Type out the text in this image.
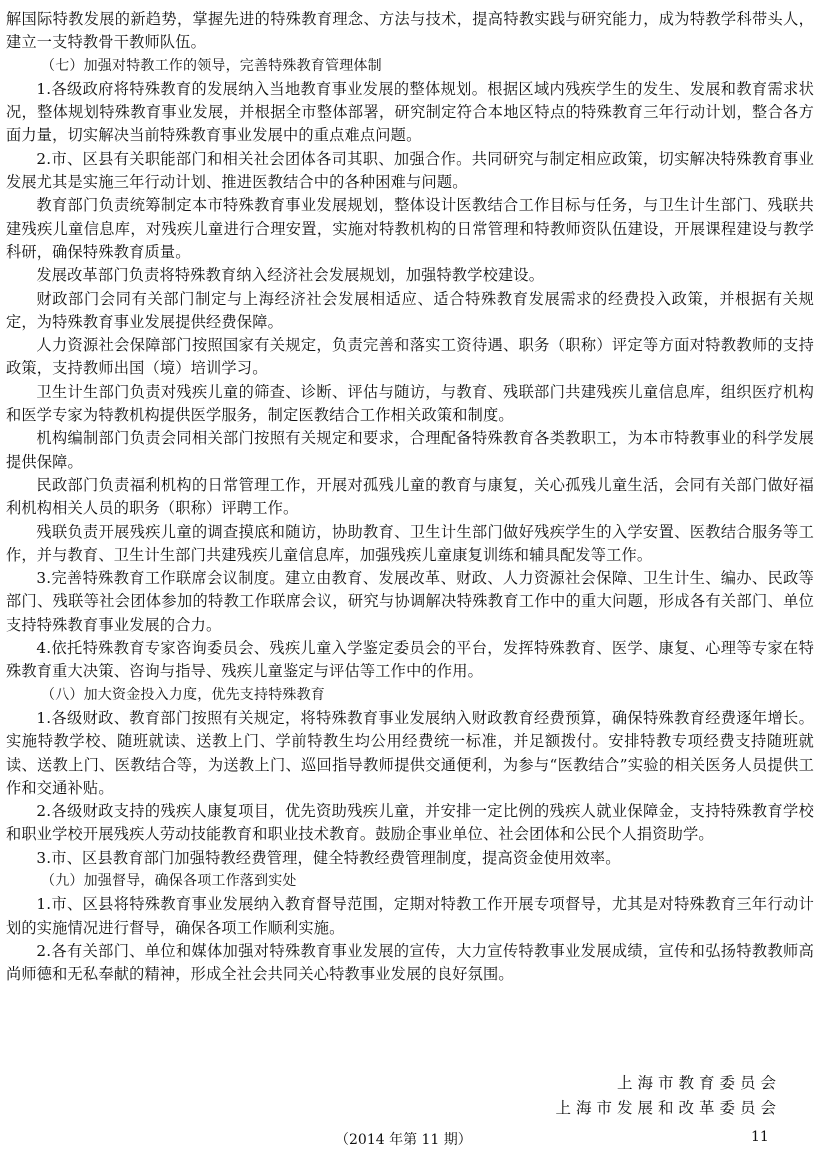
解国际特教发展的新趋势，掌握先进的特殊教育理念、方法与技术，提高特教实践与研究能力，成为特教学科带头人，建立一支特教骨干教师队伍。

（七）加强对特教工作的领导，完善特殊教育管理体制

1.各级政府将特殊教育的发展纳入当地教育事业发展的整体规划。根据区域内残疾学生的发生、发展和教育需求状况，整体规划特殊教育事业发展，并根据全市整体部署，研究制定符合本地区特点的特殊教育三年行动计划，整合各方面力量，切实解决当前特殊教育事业发展中的重点难点问题。

2.市、区县有关职能部门和相关社会团体各司其职、加强合作。共同研究与制定相应政策，切实解决特殊教育事业发展尤其是实施三年行动计划、推进医教结合中的各种困难与问题。

教育部门负责统筹制定本市特殊教育事业发展规划，整体设计医教结合工作目标与任务，与卫生计生部门、残联共建残疾儿童信息库，对残疾儿童进行合理安置，实施对特教机构的日常管理和特教师资队伍建设，开展课程建设与教学科研，确保特殊教育质量。

发展改革部门负责将特殊教育纳入经济社会发展规划，加强特教学校建设。

财政部门会同有关部门制定与上海经济社会发展相适应、适合特殊教育发展需求的经费投入政策，并根据有关规定，为特殊教育事业发展提供经费保障。

人力资源社会保障部门按照国家有关规定，负责完善和落实工资待遇、职务（职称）评定等方面对特教教师的支持政策，支持教师出国（境）培训学习。

卫生计生部门负责对残疾儿童的筛查、诊断、评估与随访，与教育、残联部门共建残疾儿童信息库，组织医疗机构和医学专家为特教机构提供医学服务，制定医教结合工作相关政策和制度。

机构编制部门负责会同相关部门按照有关规定和要求，合理配备特殊教育各类教职工，为本市特教事业的科学发展提供保障。

民政部门负责福利机构的日常管理工作，开展对孤残儿童的教育与康复，关心孤残儿童生活，会同有关部门做好福利机构相关人员的职务（职称）评聘工作。

残联负责开展残疾儿童的调查摸底和随访，协助教育、卫生计生部门做好残疾学生的入学安置、医教结合服务等工作，并与教育、卫生计生部门共建残疾儿童信息库，加强残疾儿童康复训练和辅具配发等工作。

3.完善特殊教育工作联席会议制度。建立由教育、发展改革、财政、人力资源社会保障、卫生计生、编办、民政等部门、残联等社会团体参加的特教工作联席会议，研究与协调解决特殊教育工作中的重大问题，形成各有关部门、单位支持特殊教育事业发展的合力。

4.依托特殊教育专家咨询委员会、残疾儿童入学鉴定委员会的平台，发挥特殊教育、医学、康复、心理等专家在特殊教育重大决策、咨询与指导、残疾儿童鉴定与评估等工作中的作用。

（八）加大资金投入力度，优先支持特殊教育

1.各级财政、教育部门按照有关规定，将特殊教育事业发展纳入财政教育经费预算，确保特殊教育经费逐年增长。实施特教学校、随班就读、送教上门、学前特教生均公用经费统一标准，并足额拨付。安排特教专项经费支持随班就读、送教上门、医教结合等，为送教上门、巡回指导教师提供交通便利，为参与“医教结合”实验的相关医务人员提供工作和交通补贴。

2.各级财政支持的残疾人康复项目，优先资助残疾儿童，并安排一定比例的残疾人就业保障金，支持特殊教育学校和职业学校开展残疾人劳动技能教育和职业技术教育。鼓励企事业单位、社会团体和公民个人捐资助学。

3.市、区县教育部门加强特教经费管理，健全特教经费管理制度，提高资金使用效率。

（九）加强督导，确保各项工作落到实处

1.市、区县将特殊教育事业发展纳入教育督导范围，定期对特教工作开展专项督导，尤其是对特殊教育三年行动计划的实施情况进行督导，确保各项工作顺利实施。

2.各有关部门、单位和媒体加强对特殊教育事业发展的宣传，大力宣传特教事业发展成绩，宣传和弘扬特教教师高尚师德和无私奉献的精神，形成全社会共同关心特教事业发展的良好氛围。

上海市教育委员会
上海市发展和改革委员会
（2014 年第 11 期）	11
